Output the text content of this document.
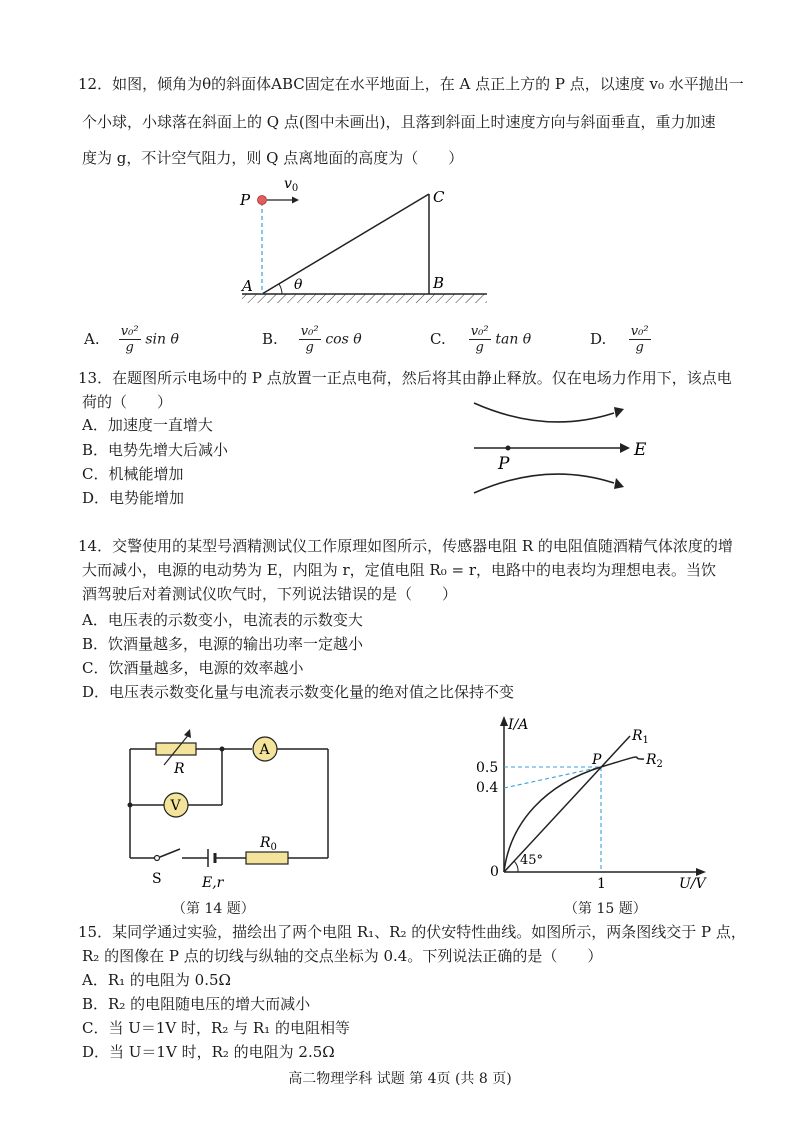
12．如图，倾角为θ的斜面体ABC固定在水平地面上，在 A 点正上方的 P 点，以速度 v₀ 水平抛出一
个小球，小球落在斜面上的 Q 点(图中未画出)，且落到斜面上时速度方向与斜面垂直，重力加速
度为 g，不计空气阻力，则 Q 点离地面的高度为（　　）
P
$v_0$
A	θ
C
B
A. $\frac{\text{v₀²}}{g}$ sin θ	B. $\frac{\text{v₀²}}{g}$ cos θ	C. $\frac{\text{v₀²}}{g}$ tan θ	D. $\frac{\text{v₀²}}{g}$
13．在题图所示电场中的 P 点放置一正点电荷，然后将其由静止释放。仅在电场力作用下，该点电
荷的（　　）
A．加速度一直增大
B．电势先增大后减小
C．机械能增加
D．电势能增加
P
E
14．交警使用的某型号酒精测试仪工作原理如图所示，传感器电阻 R 的电阻值随酒精气体浓度的增
大而减小，电源的电动势为 E，内阻为 r，定值电阻 R₀ = r，电路中的电表均为理想电表。当饮
酒驾驶后对着测试仪吹气时，下列说法错误的是（　　）
A．电压表的示数变小，电流表的示数变大
B．饮酒量越多，电源的输出功率一定越小
C．饮酒量越多，电源的效率越小
D．电压表示数变化量与电流表示数变化量的绝对值之比保持不变
A
V
R
$R_0$
S	E,r
（第 14 题）
I/A
U/V
0.5
0.4
1
0
45°
P
$R_1$
$R_2$
（第 15 题）
15．某同学通过实验，描绘出了两个电阻 R₁、R₂ 的伏安特性曲线。如图所示，两条图线交于 P 点，
R₂ 的图像在 P 点的切线与纵轴的交点坐标为 0.4。下列说法正确的是（　　）
A．R₁ 的电阻为 0.5Ω
B．R₂ 的电阻随电压的增大而减小
C．当 U＝1V 时，R₂ 与 R₁ 的电阻相等
D．当 U＝1V 时，R₂ 的电阻为 2.5Ω
高二物理学科 试题 第 4页 (共 8 页)
